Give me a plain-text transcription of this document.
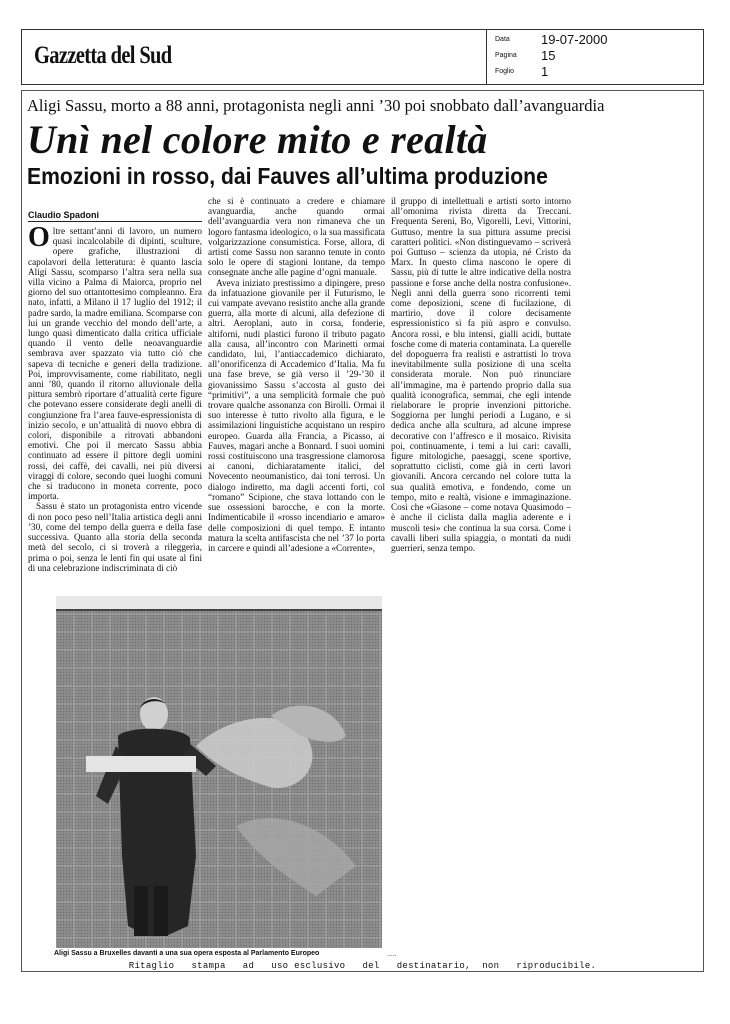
Gazzetta del Sud
Data 19-07-2000
Pagina 15
Foglio 1
Aligi Sassu, morto a 88 anni, protagonista negli anni ’30 poi snobbato dall’avanguardia
Unì nel colore mito e realtà
Emozioni in rosso, dai Fauves all’ultima produzione
Claudio Spadoni

Oltre settant’anni di lavoro, un numero quasi incalcolabile di dipinti, sculture, opere grafiche, illustrazioni di capolavori della letteratura: è quanto lascia Aligi Sassu, scomparso l’altra sera nella sua villa vicino a Palma di Maiorca, proprio nel giorno del suo ottantottesimo compleanno. Era nato, infatti, a Milano il 17 luglio del 1912; il padre sardo, la madre emiliana. Scomparse con lui un grande vecchio del mondo dell’arte, a lungo quasi dimenticato dalla critica ufficiale quando il vento delle neoavanguardie sembrava aver spazzato via tutto ciò che sapeva di tecniche e generi della tradizione. Poi, improvvisamente, come riabilitato, negli anni ’80, quando il ritorno alluvionale della pittura sembrò riportare d’attualità certe figure che potevano essere considerate degli anelli di congiunzione fra l’area fauve-espressionista di inizio secolo, e un’attualità di nuovo ebbra di colori, disponibile a ritrovati abbandoni emotivi. Che poi il mercato Sassu abbia continuato ad essere il pittore degli uomini rossi, dei caffè, dei cavalli, nei più diversi viraggi di colore, secondo quei luoghi comuni che si traducono in moneta corrente, poco importa.

Sassu è stato un protagonista entro vicende di non poco peso nell’Italia artistica degli anni ’30, come del tempo della guerra e della fase successiva. Quanto alla storia della seconda metà del secolo, ci si troverà a rileggeria, prima o poi, senza le lenti fin qui usate al fini di una celebrazione indiscriminata di ciò

che si è continuato a credere e chiamare avanguardia, anche quando ormai dell’avanguardia vera non rimaneva che un logoro fantasma ideologico, o la sua massificata volgarizzazione consumistica. Forse, allora, di artisti come Sassu non saranno tenute in conto solo le opere di stagioni lontane, da tempo consegnate anche alle pagine d’ogni manuale.

Aveva iniziato prestissimo a dipingere, preso da infatuazione giovanile per il Futurismo, le cui vampate avevano resistito anche alla grande guerra, alla morte di alcuni, alla defezione di altri. Aeroplani, auto in corsa, fonderie, altiforni, nudi plastici furono il tributo pagato alla causa, all’incontro con Marinetti ormai candidato, lui, l’antiaccademico dichiarato, all’onorificenza di Accademico d’Italia. Ma fu una fase breve, se già verso il ’29-’30 il giovanissimo Sassu s’accosta al gusto dei “primitivi”, a una semplicità formale che può trovare qualche assonanza con Birolli. Ormai il suo interesse è tutto rivolto alla figura, e le assimilazioni linguistiche acquistano un respiro europeo. Guarda alla Francia, a Picasso, ai Fauves, magari anche a Bonnard. I suoi uomini rossi costituiscono una trasgressione clamorosa ai canoni, dichiaratamente italici, del Novecento neoumanistico, dai toni terrosi. Un dialogo indiretto, ma dagli accenti forti, col “romano” Scipione, che stava lottando con le sue ossessioni barocche, e con la morte. Indimenticabile il «rosso incendiario e amaro» delle composizioni di quel tempo. E intanto matura la scelta antifascista che nel ’37 lo porta in carcere e quindi all’adesione a «Corrente»,

il gruppo di intellettuali e artisti sorto intorno all’omonima rivista diretta da Treccani. Frequenta Sereni, Bo, Vigorelli, Levi, Vittorini, Guttuso, mentre la sua pittura assume precisi caratteri politici. «Non distinguevamo – scriverà poi Guttuso – scienza da utopia, né Cristo da Marx. In questo clima nascono le opere di Sassu, più di tutte le altre indicative della nostra passione e forse anche della nostra confusione». Negli anni della guerra sono ricorrenti temi come deposizioni, scene di fucilazione, di martirio, dove il colore decisamente espressionistico si fa più aspro e convulso. Ancora rossi, e blu intensi, gialli acidi, buttate fosche come di materia contaminata. La querelle del dopoguerra fra realisti e astrattisti lo trova inevitabilmente sulla posizione di una scelta considerata morale. Non può rinunciare all’immagine, ma è partendo proprio dalla sua qualità iconografica, semmai, che egli intende rielaborare le proprie invenzioni pittoriche. Soggiorna per lunghi periodi a Lugano, e si dedica anche alla scultura, ad alcune imprese decorative con l’affresco e il mosaico. Rivisita poi, continuamente, i temi a lui cari: cavalli, figure mitologiche, paesaggi, scene sportive, soprattutto ciclisti, come già in certi lavori giovanili. Ancora cercando nel colore tutta la sua qualità emotiva, e fondendo, come un tempo, mito e realtà, visione e immaginazione. Così che «Giasone – come notava Quasimodo – è anche il ciclista dalla maglia aderente e i muscoli tesi» che continua la sua corsa. Come i cavalli liberi sulla spiaggia, o montati da nudi guerrieri, senza tempo.

Aligi Sassu a Bruxelles davanti a una sua opera esposta al Parlamento Europeo	.....
Ritaglio   stampa   ad   uso esclusivo   del   destinatario,  non   riproducibile.
